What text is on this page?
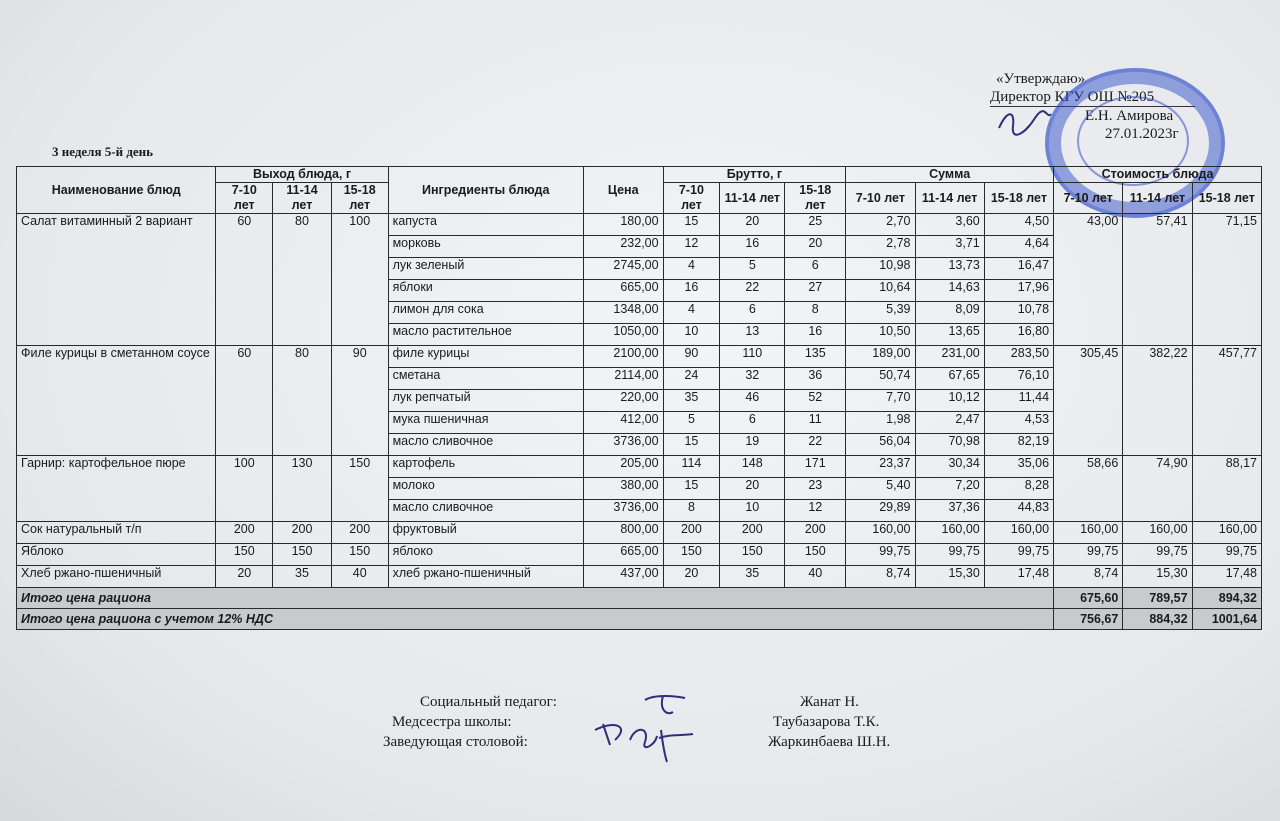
«Утверждаю»
Директор КГУ ОШ №205
Е.Н. Амирова
27.01.2023г
3 неделя 5-й день
Наименование блюд	Выход блюда, г			Ингредиенты блюда	Цена	Брутто, г			Сумма			Стоимость блюда		
	7-10 лет	11-14 лет	15-18 лет			7-10 лет	11-14 лет	15-18 лет	7-10 лет	11-14 лет	15-18 лет	7-10 лет	11-14 лет	15-18 лет
Салат витаминный 2 вариант	60	80	100	капуста	180,00	15	20	25	2,70	3,60	4,50	43,00	57,41	71,15
				морковь	232,00	12	16	20	2,78	3,71	4,64			
				лук зеленый	2745,00	4	5	6	10,98	13,73	16,47			
				яблоки	665,00	16	22	27	10,64	14,63	17,96			
				лимон для сока	1348,00	4	6	8	5,39	8,09	10,78			
				масло растительное	1050,00	10	13	16	10,50	13,65	16,80			
Филе курицы в сметанном соусе	60	80	90	филе курицы	2100,00	90	110	135	189,00	231,00	283,50	305,45	382,22	457,77
				сметана	2114,00	24	32	36	50,74	67,65	76,10			
				лук репчатый	220,00	35	46	52	7,70	10,12	11,44			
				мука пшеничная	412,00	5	6	11	1,98	2,47	4,53			
				масло сливочное	3736,00	15	19	22	56,04	70,98	82,19			
Гарнир: картофельное пюре	100	130	150	картофель	205,00	114	148	171	23,37	30,34	35,06	58,66	74,90	88,17
				молоко	380,00	15	20	23	5,40	7,20	8,28			
				масло сливочное	3736,00	8	10	12	29,89	37,36	44,83			
Сок натуральный т/п	200	200	200	фруктовый	800,00	200	200	200	160,00	160,00	160,00	160,00	160,00	160,00
Яблоко	150	150	150	яблоко	665,00	150	150	150	99,75	99,75	99,75	99,75	99,75	99,75
Хлеб ржано-пшеничный	20	35	40	хлеб ржано-пшеничный	437,00	20	35	40	8,74	15,30	17,48	8,74	15,30	17,48
Итого цена рациона												675,60	789,57	894,32
Итого цена рациона с учетом 12% НДС												756,67	884,32	1001,64
Социальный педагог:	Жанат Н.
Медсестра школы:	Таубазарова Т.К.
Заведующая столовой:	Жаркинбаева Ш.Н.
